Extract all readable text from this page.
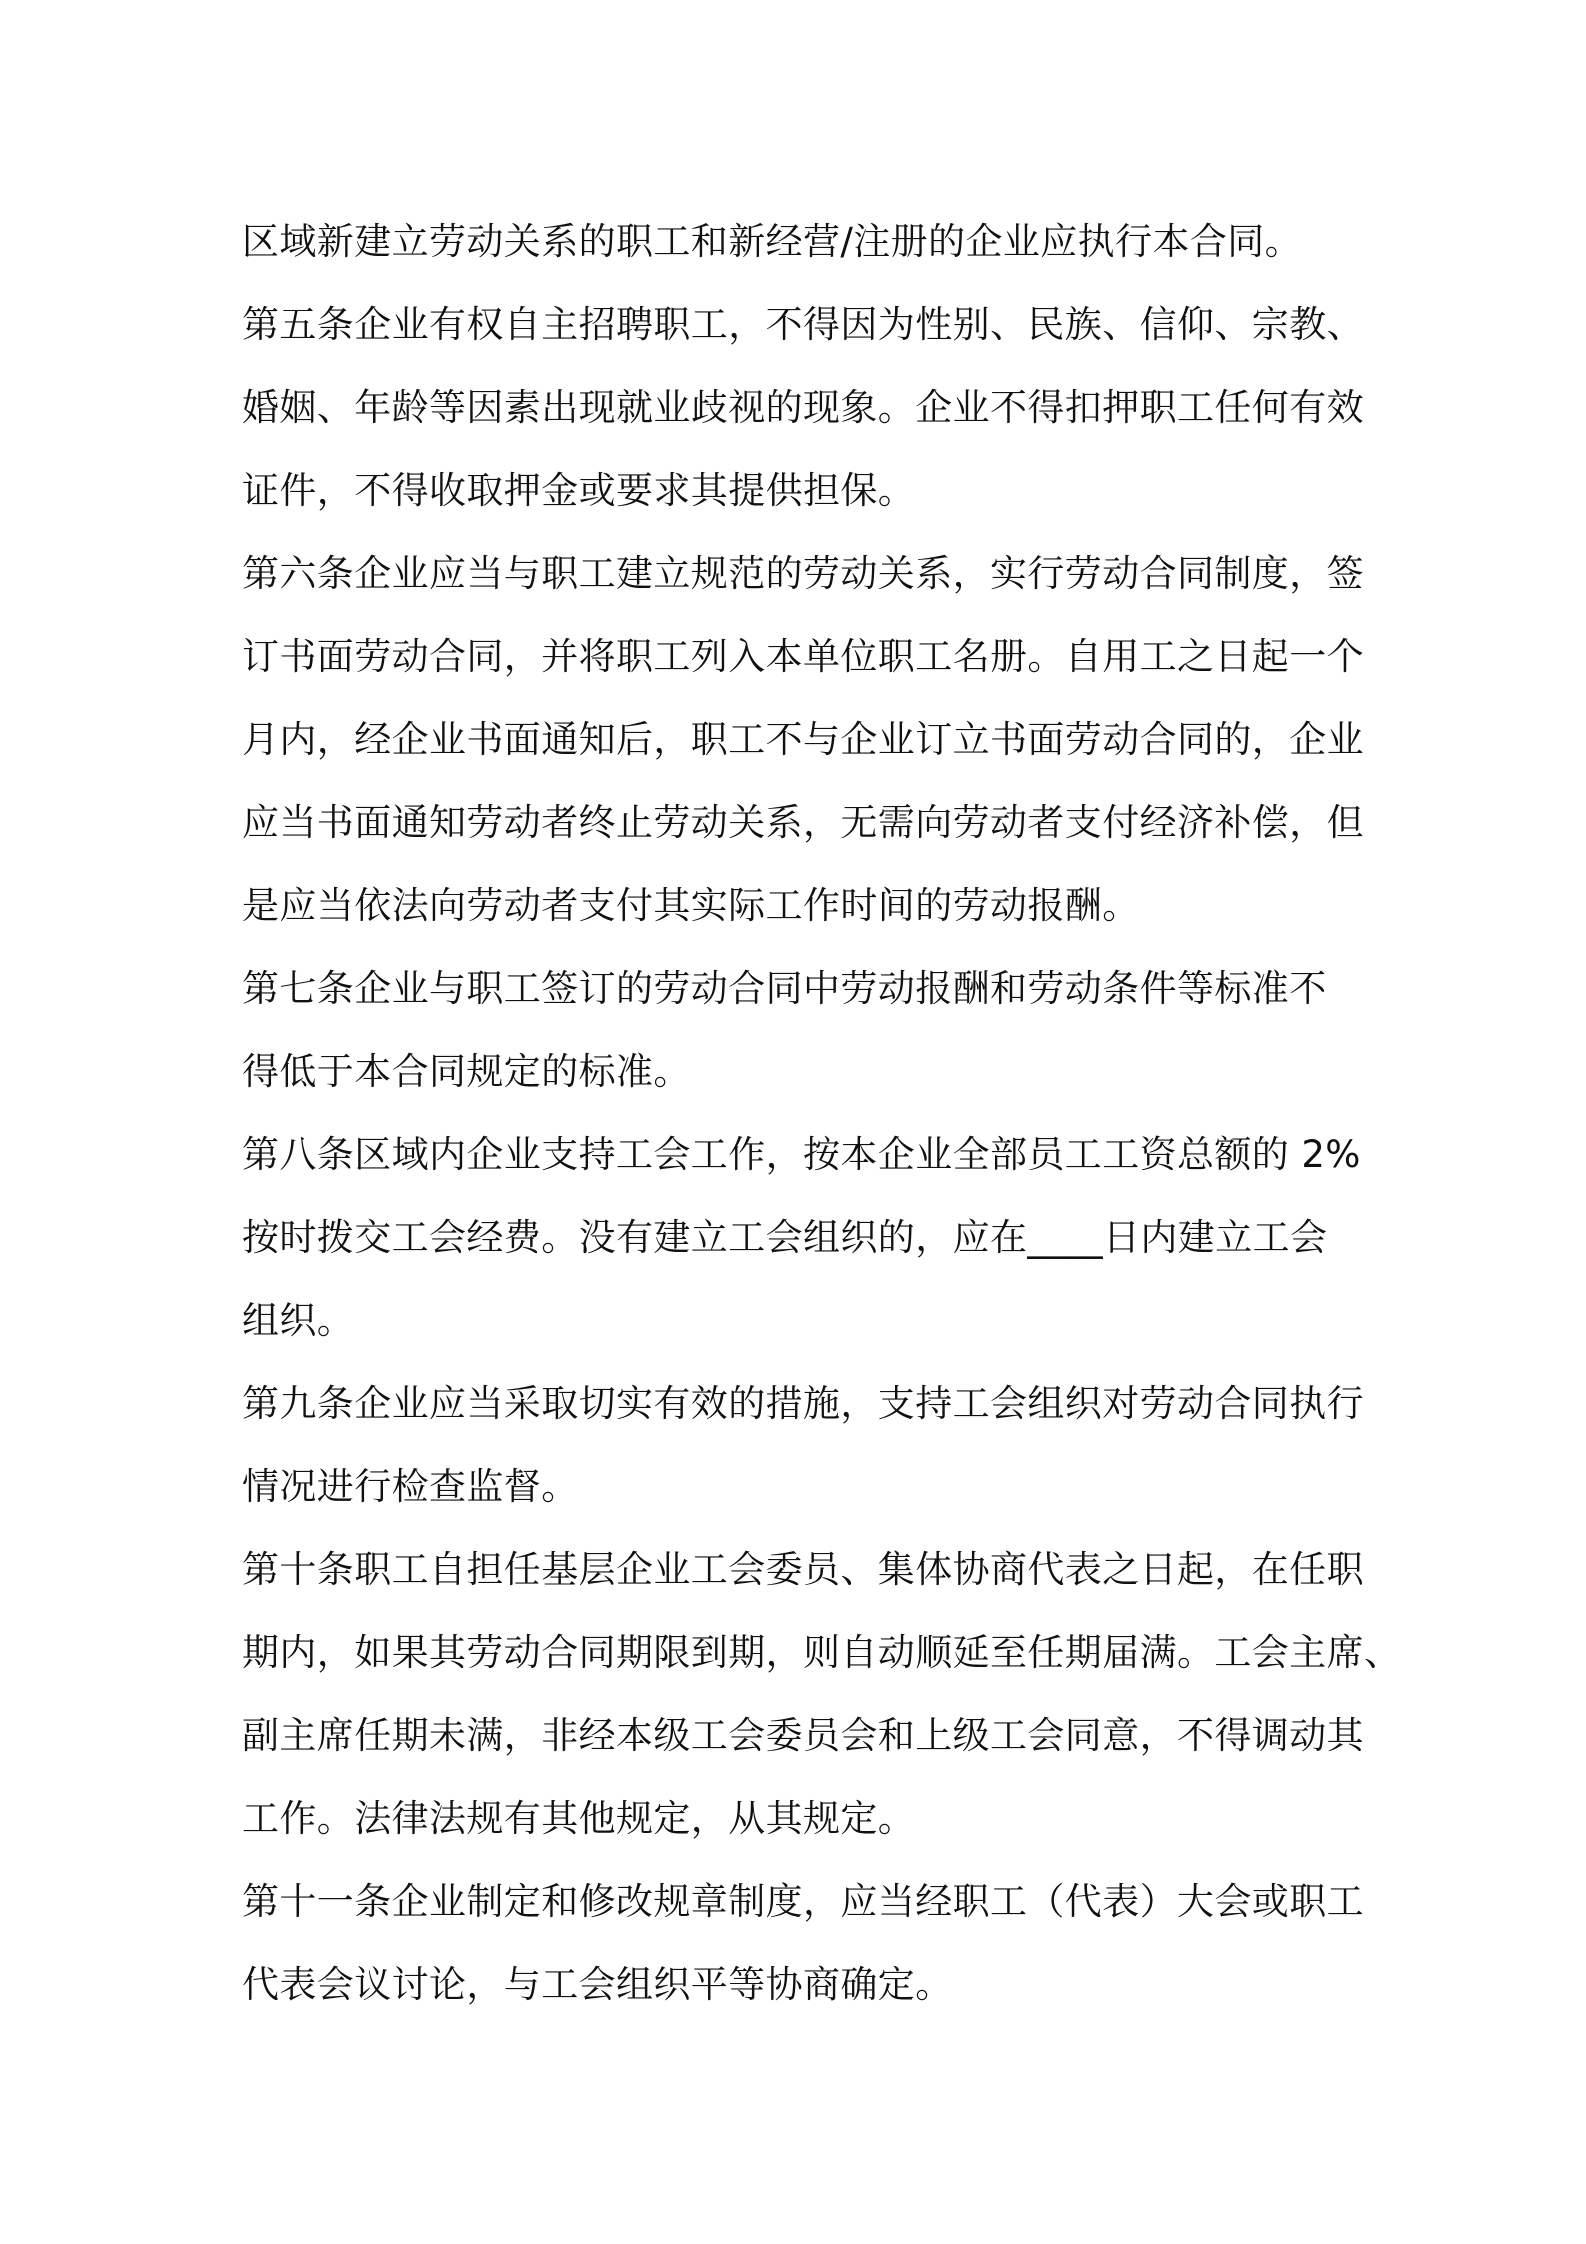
区域新建立劳动关系的职工和新经营/注册的企业应执行本合同。
第五条企业有权自主招聘职工，不得因为性别、民族、信仰、宗教、
婚姻、年龄等因素出现就业歧视的现象。企业不得扣押职工任何有效
证件，不得收取押金或要求其提供担保。
第六条企业应当与职工建立规范的劳动关系，实行劳动合同制度，签
订书面劳动合同，并将职工列入本单位职工名册。自用工之日起一个
月内，经企业书面通知后，职工不与企业订立书面劳动合同的，企业
应当书面通知劳动者终止劳动关系，无需向劳动者支付经济补偿，但
是应当依法向劳动者支付其实际工作时间的劳动报酬。
第七条企业与职工签订的劳动合同中劳动报酬和劳动条件等标准不
得低于本合同规定的标准。
第八条区域内企业支持工会工作，按本企业全部员工工资总额的 2%
按时拨交工会经费。没有建立工会组织的，应在____日内建立工会
组织。
第九条企业应当采取切实有效的措施，支持工会组织对劳动合同执行
情况进行检查监督。
第十条职工自担任基层企业工会委员、集体协商代表之日起，在任职
期内，如果其劳动合同期限到期，则自动顺延至任期届满。工会主席、
副主席任期未满，非经本级工会委员会和上级工会同意，不得调动其
工作。法律法规有其他规定，从其规定。
第十一条企业制定和修改规章制度，应当经职工（代表）大会或职工
代表会议讨论，与工会组织平等协商确定。
